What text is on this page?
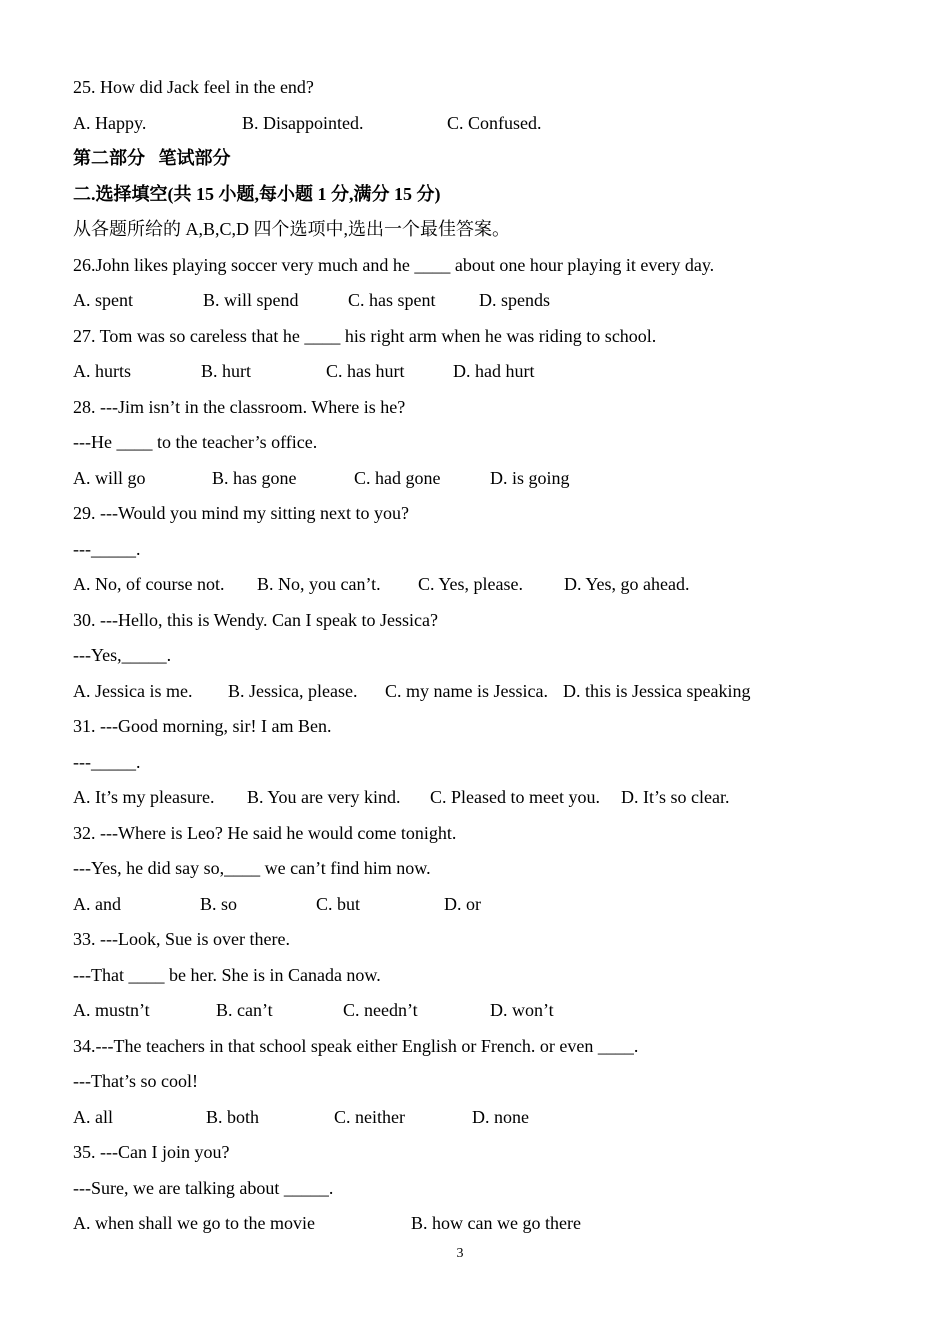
25. How did Jack feel in the end?
A. Happy.	B. Disappointed.	C. Confused.
第二部分   笔试部分
二.选择填空(共 15 小题,每小题 1 分,满分 15 分)
从各题所给的 A,B,C,D 四个选项中,选出一个最佳答案。
26.John likes playing soccer very much and he ____ about one hour playing it every day.
A. spent	B. will spend	C. has spent	D. spends
27. Tom was so careless that he ____ his right arm when he was riding to school.
A. hurts	B. hurt	C. has hurt	D. had hurt
28. ---Jim isn’t in the classroom. Where is he?
---He ____ to the teacher’s office.
A. will go	B. has gone	C. had gone	D. is going
29. ---Would you mind my sitting next to you?
---_____.
A. No, of course not.	B. No, you can’t.	C. Yes, please.	D. Yes, go ahead.
30. ---Hello, this is Wendy. Can I speak to Jessica?
---Yes,_____.
A. Jessica is me.	B. Jessica, please.	C. my name is Jessica. D. this is Jessica speaking
31. ---Good morning, sir! I am Ben.
---_____.
A. It’s my pleasure.	B. You are very kind.	C. Pleased to meet you.	D. It’s so clear.
32. ---Where is Leo? He said he would come tonight.
---Yes, he did say so,____ we can’t find him now.
A. and	B. so	C. but	D. or
33. ---Look, Sue is over there.
---That ____ be her. She is in Canada now.
A. mustn’t	B. can’t	C. needn’t	D. won’t
34.---The teachers in that school speak either English or French. or even ____.
---That’s so cool!
A. all	B. both	C. neither	D. none
35. ---Can I join you?
---Sure, we are talking about _____.
A. when shall we go to the movie	B. how can we go there
3
